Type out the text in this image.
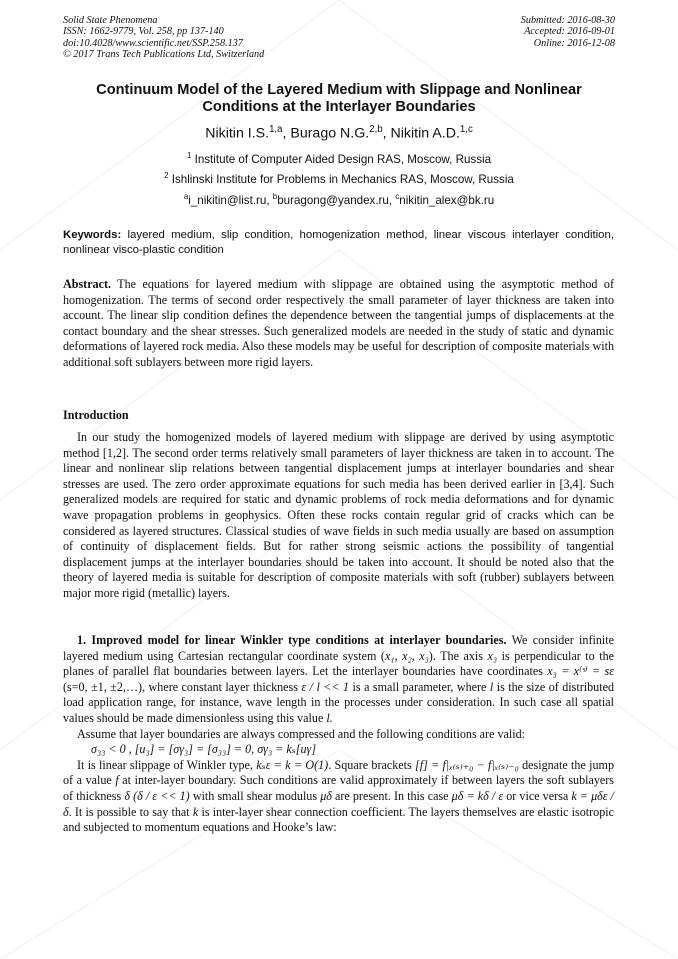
Solid State Phenomena
ISSN: 1662-9779, Vol. 258, pp 137-140
doi:10.4028/www.scientific.net/SSP.258.137
© 2017 Trans Tech Publications Ltd, Switzerland
Submitted: 2016-08-30
Accepted: 2016-09-01
Online: 2016-12-08
Continuum Model of the Layered Medium with Slippage and Nonlinear
Conditions at the Interlayer Boundaries
Nikitin I.S.$^{1,a}$, Burago N.G.$^{2,b}$, Nikitin A.D.$^{1,c}$
$^1$ Institute of Computer Aided Design RAS, Moscow, Russia
$^2$ Ishlinski Institute for Problems in Mechanics RAS, Moscow, Russia
$^a$i_nikitin@list.ru, $^b$buragong@yandex.ru, $^c$nikitin_alex@bk.ru
Keywords: layered medium, slip condition, homogenization method, linear viscous interlayer condition, nonlinear visco-plastic condition
Abstract. The equations for layered medium with slippage are obtained using the asymptotic method of homogenization. The terms of second order respectively the small parameter of layer thickness are taken into account. The linear slip condition defines the dependence between the tangential jumps of displacements at the contact boundary and the shear stresses. Such generalized models are needed in the study of static and dynamic deformations of layered rock media. Also these models may be useful for description of composite materials with additional soft sublayers between more rigid layers.
Introduction
In our study the homogenized models of layered medium with slippage are derived by using asymptotic method [1,2]. The second order terms relatively small parameters of layer thickness are taken in to account. The linear and nonlinear slip relations between tangential displacement jumps at interlayer boundaries and shear stresses are used. The zero order approximate equations for such media has been derived earlier in [3,4]. Such generalized models are required for static and dynamic problems of rock media deformations and for dynamic wave propagation problems in geophysics. Often these rocks contain regular grid of cracks which can be considered as layered structures. Classical studies of wave fields in such media usually are based on assumption of continuity of displacement fields. But for rather strong seismic actions the possibility of tangential displacement jumps at the interlayer boundaries should be taken into account. It should be noted also that the theory of layered media is suitable for description of composite materials with soft (rubber) sublayers between major more rigid (metallic) layers.
1. Improved model for linear Winkler type conditions at interlayer boundaries. We consider infinite layered medium using Cartesian rectangular coordinate system (x₁, x₂, x₃). The axis x₃ is perpendicular to the planes of parallel flat boundaries between layers. Let the interlayer boundaries have coordinates x₃ = x⁽ˢ⁾ = sε (s=0, ±1, ±2,…), where constant layer thickness ε / l << 1 is a small parameter, where l is the size of distributed load application range, for instance, wave length in the processes under consideration. In such case all spatial values should be made dimensionless using this value l.
Assume that layer boundaries are always compressed and the following conditions are valid:
σ₃₃ < 0 , [u₃] = [σγ₃] = [σ₃₃] = 0, σγ₃ = kₛ[uγ]
It is linear slippage of Winkler type, kₛε = k = O(1). Square brackets [f] = f|ₓ₍ₛ₎₊₀ − f|ₓ₍ₛ₎₋₀ designate the jump of a value f at inter-layer boundary. Such conditions are valid approximately if between layers the soft sublayers of thickness δ (δ / ε << 1) with small shear modulus μδ are present. In this case μδ = kδ / ε or vice versa k = μδε / δ. It is possible to say that k is inter-layer shear connection coefficient. The layers themselves are elastic isotropic and subjected to momentum equations and Hooke’s law:
